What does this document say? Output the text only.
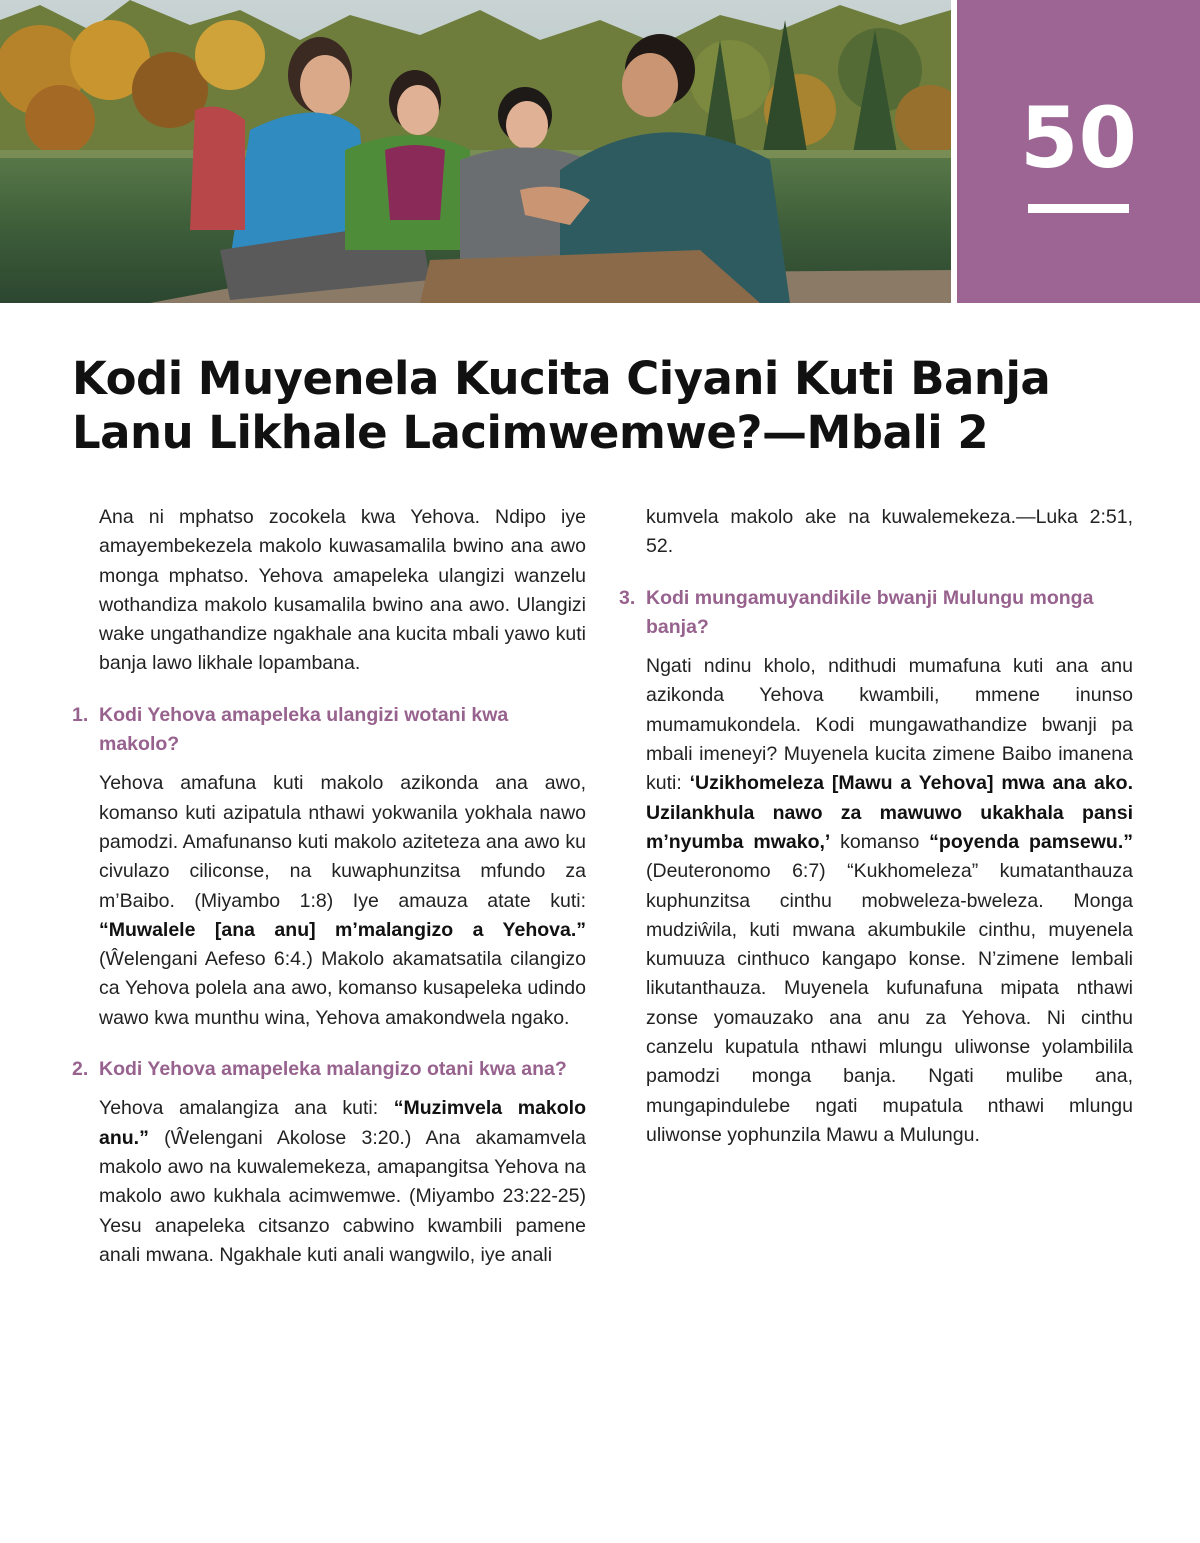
50
Kodi Muyenela Kucita Ciyani Kuti Banja Lanu Likhale Lacimwemwe?—Mbali 2

Ana ni mphatso zocokela kwa Yehova. Ndipo iye amayembekezela makolo kuwasamalila bwino ana awo monga mphatso. Yehova amapeleka ulangizi wanzelu wothandiza makolo kusamalila bwino ana awo. Ulangizi wake ungathandize ngakhale ana kucita mbali yawo kuti banja lawo likhale lopambana.

1. Kodi Yehova amapeleka ulangizi wotani kwa makolo?

Yehova amafuna kuti makolo azikonda ana awo, komanso kuti azipatula nthawi yokwanila yokhala nawo pamodzi. Amafunanso kuti makolo aziteteza ana awo ku civulazo ciliconse, na kuwaphunzitsa mfundo za m’Baibo. (Miyambo 1:8) Iye amauza atate kuti: “Muwalele [ana anu] m’malangizo a Yehova.” (Ŵelengani Aefeso 6:4.) Makolo akamatsatila cilangizo ca Yehova polela ana awo, komanso kusapeleka udindo wawo kwa munthu wina, Yehova amakondwela ngako.

2. Kodi Yehova amapeleka malangizo otani kwa ana?

Yehova amalangiza ana kuti: “Muzimvela makolo anu.” (Ŵelengani Akolose 3:20.) Ana akamamvela makolo awo na kuwalemekeza, amapangitsa Yehova na makolo awo kukhala acimwemwe. (Miyambo 23:22-25) Yesu anapeleka citsanzo cabwino kwambili pamene anali mwana. Ngakhale kuti anali wangwilo, iye anali

kumvela makolo ake na kuwalemekeza.—Luka 2:51, 52.

3. Kodi mungamuyandikile bwanji Mulungu monga banja?

Ngati ndinu kholo, ndithudi mumafuna kuti ana anu azikonda Yehova kwambili, mmene inunso mumamukondela. Kodi mungawathandize bwanji pa mbali imeneyi? Muyenela kucita zimene Baibo imanena kuti: ‘Uzikhomeleza [Mawu a Yehova] mwa ana ako. Uzilankhula nawo za mawuwo ukakhala pansi m’nyumba mwako,’ komanso “poyenda pamsewu.” (Deuteronomo 6:7) “Kukhomeleza” kumatanthauza kuphunzitsa cinthu mobweleza-bweleza. Monga mudziŵila, kuti mwana akumbukile cinthu, muyenela kumuuza cinthuco kangapo konse. N’zimene lembali likutanthauza. Muyenela kufunafuna mipata nthawi zonse yomauzako ana anu za Yehova. Ni cinthu canzelu kupatula nthawi mlungu uliwonse yolambilila pamodzi monga banja. Ngati mulibe ana, mungapindulebe ngati mupatula nthawi mlungu uliwonse yophunzila Mawu a Mulungu.
